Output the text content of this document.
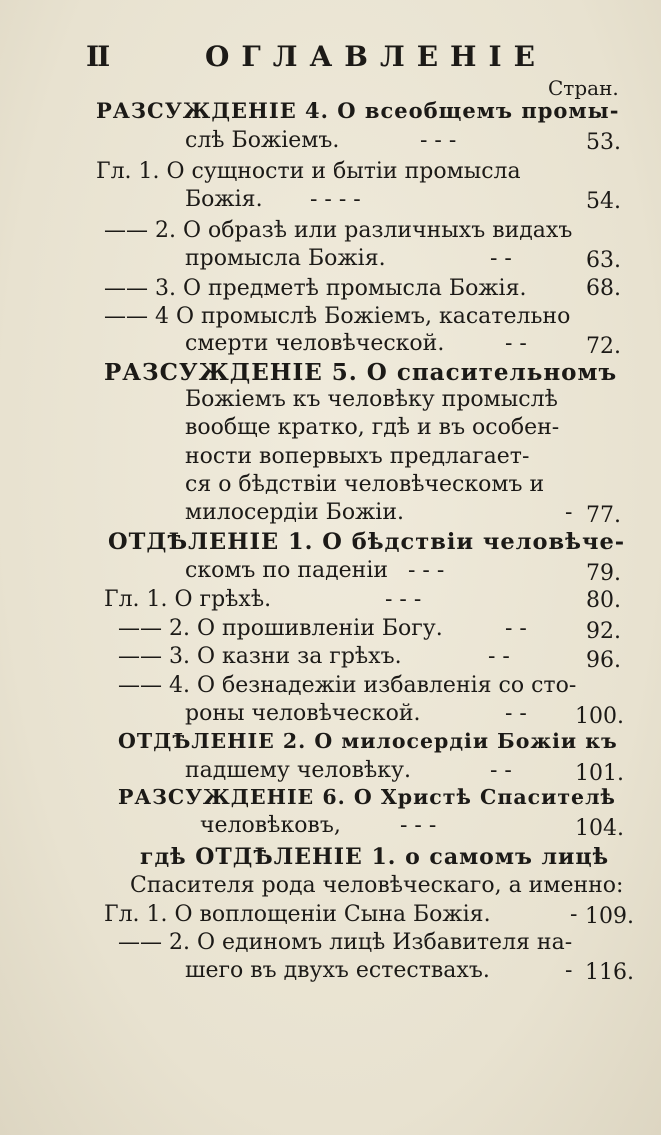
II	ОГЛАВЛЕНІЕ
Стран.
РАЗСУЖДЕНІЕ 4. О всеобщемъ промы-
слѣ Божіемъ.	- - -	53.
Гл. 1. О сущности и бытіи промысла
Божія. - - - -	54.
—— 2. О образѣ или различныхъ видахъ
промысла Божія.	- -	63.
—— 3. О предметѣ промысла Божія.	68.
—— 4 О промыслѣ Божіемъ, касательно
смерти человѣческой.	- -	72.
РАЗСУЖДЕНІЕ 5. О спасительномъ
Божіемъ къ человѣку промыслѣ
вообще кратко, гдѣ и въ особен-
ности вопервыхъ предлагает-
ся о бѣдствіи человѣческомъ и
милосердіи Божіи.	- 77.
ОТДѢЛЕНІЕ 1. О бѣдствіи человѣче-
скомъ по паденіи - - -	79.
Гл. 1. О грѣхѣ.	- - -	80.
—— 2. О прошивленіи Богу.	- -	92.
—— 3. О казни за грѣхъ.	- -	96.
—— 4. О безнадежіи избавленія со сто-
роны человѣческой.	- - 100.
ОТДѢЛЕНІЕ 2. О милосердіи Божіи къ
падшему человѣку.	- -	101.
РАЗСУЖДЕНІЕ 6. О Христѣ Спасителѣ
человѣковъ,	- - -	104.
гдѣ ОТДѢЛЕНІЕ 1. о самомъ лицѣ
Спасителя рода человѣческаго, а именно:
Гл. 1. О воплощеніи Сына Божія.	- 109.
—— 2. О единомъ лицѣ Избавителя на-
шего въ двухъ естествахъ.	- 116.
